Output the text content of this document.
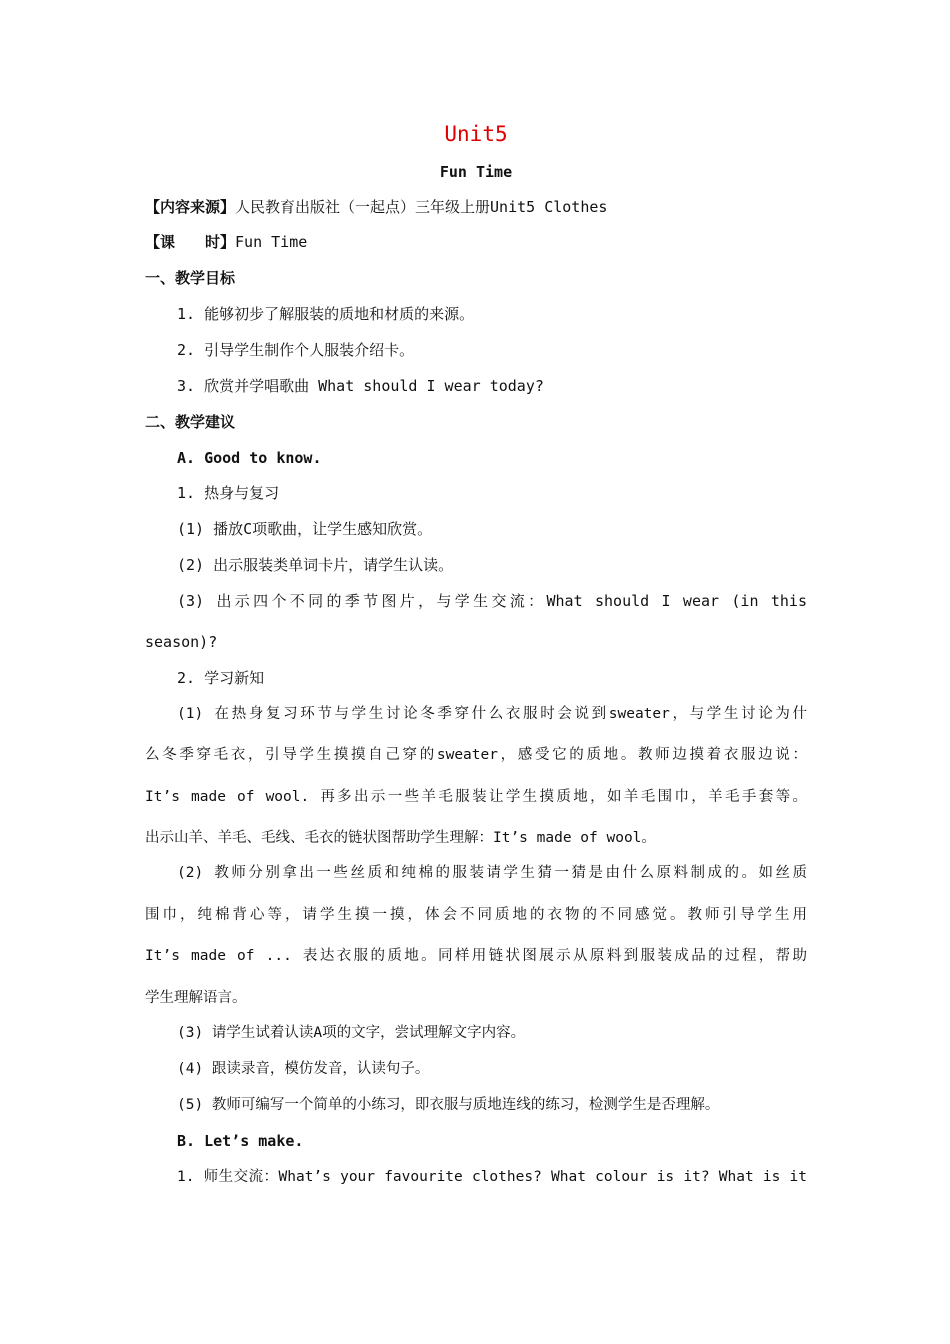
Unit5
Fun Time
【内容来源】人民教育出版社（一起点）三年级上册Unit5 Clothes
【课　　时】Fun Time
一、教学目标
1. 能够初步了解服装的质地和材质的来源。
2. 引导学生制作个人服装介绍卡。
3. 欣赏并学唱歌曲 What should I wear today?
二、教学建议
A. Good to know.
1. 热身与复习
(1) 播放C项歌曲，让学生感知欣赏。
(2) 出示服装类单词卡片，请学生认读。
(3) 出示四个不同的季节图片，与学生交流：What should I wear (in this
season)?
2. 学习新知
(1) 在热身复习环节与学生讨论冬季穿什么衣服时会说到sweater，与学生讨论为什
么冬季穿毛衣，引导学生摸摸自己穿的sweater，感受它的质地。教师边摸着衣服边说：
It’s made of wool. 再多出示一些羊毛服装让学生摸质地，如羊毛围巾，羊毛手套等。
出示山羊、羊毛、毛线、毛衣的链状图帮助学生理解：It’s made of wool。
(2) 教师分别拿出一些丝质和纯棉的服装请学生猜一猜是由什么原料制成的。如丝质
围巾，纯棉背心等，请学生摸一摸，体会不同质地的衣物的不同感觉。教师引导学生用
It’s made of ... 表达衣服的质地。同样用链状图展示从原料到服装成品的过程，帮助
学生理解语言。
(3) 请学生试着认读A项的文字，尝试理解文字内容。
(4) 跟读录音，模仿发音，认读句子。
(5) 教师可编写一个简单的小练习，即衣服与质地连线的练习，检测学生是否理解。
B. Let’s make.
1. 师生交流：What’s your favourite clothes? What colour is it? What is it
